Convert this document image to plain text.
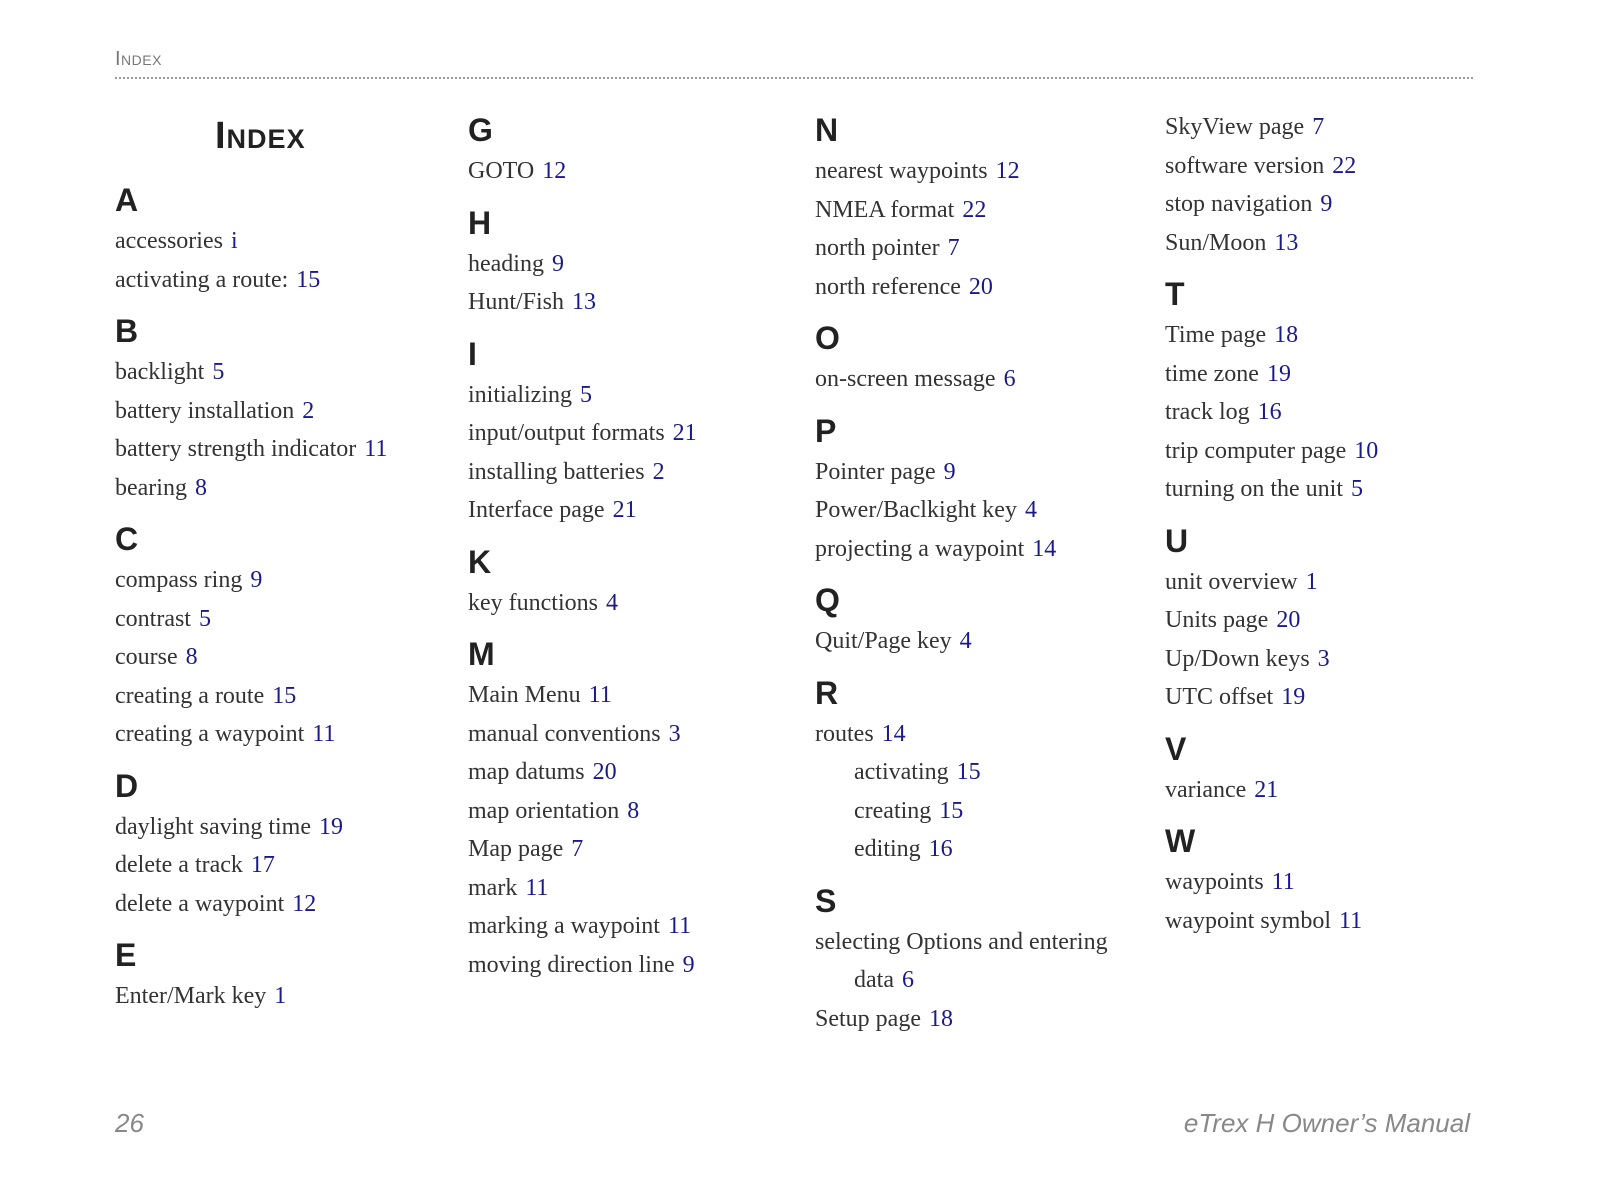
Index
Index
A
accessories i
activating a route: 15
B
backlight 5
battery installation 2
battery strength indicator 11
bearing 8
C
compass ring 9
contrast 5
course 8
creating a route 15
creating a waypoint 11
D
daylight saving time 19
delete a track 17
delete a waypoint 12
E
Enter/Mark key 1
G
GOTO 12
H
heading 9
Hunt/Fish 13
I
initializing 5
input/output formats 21
installing batteries 2
Interface page 21
K
key functions 4
M
Main Menu 11
manual conventions 3
map datums 20
map orientation 8
Map page 7
mark 11
marking a waypoint 11
moving direction line 9
N
nearest waypoints 12
NMEA format 22
north pointer 7
north reference 20
O
on-screen message 6
P
Pointer page 9
Power/Baclkight key 4
projecting a waypoint 14
Q
Quit/Page key 4
R
routes 14
activating 15
creating 15
editing 16
S
selecting Options and entering
data 6
Setup page 18
SkyView page 7
software version 22
stop navigation 9
Sun/Moon 13
T
Time page 18
time zone 19
track log 16
trip computer page 10
turning on the unit 5
U
unit overview 1
Units page 20
Up/Down keys 3
UTC offset 19
V
variance 21
W
waypoints 11
waypoint symbol 11
26	eTrex H Owner’s Manual
